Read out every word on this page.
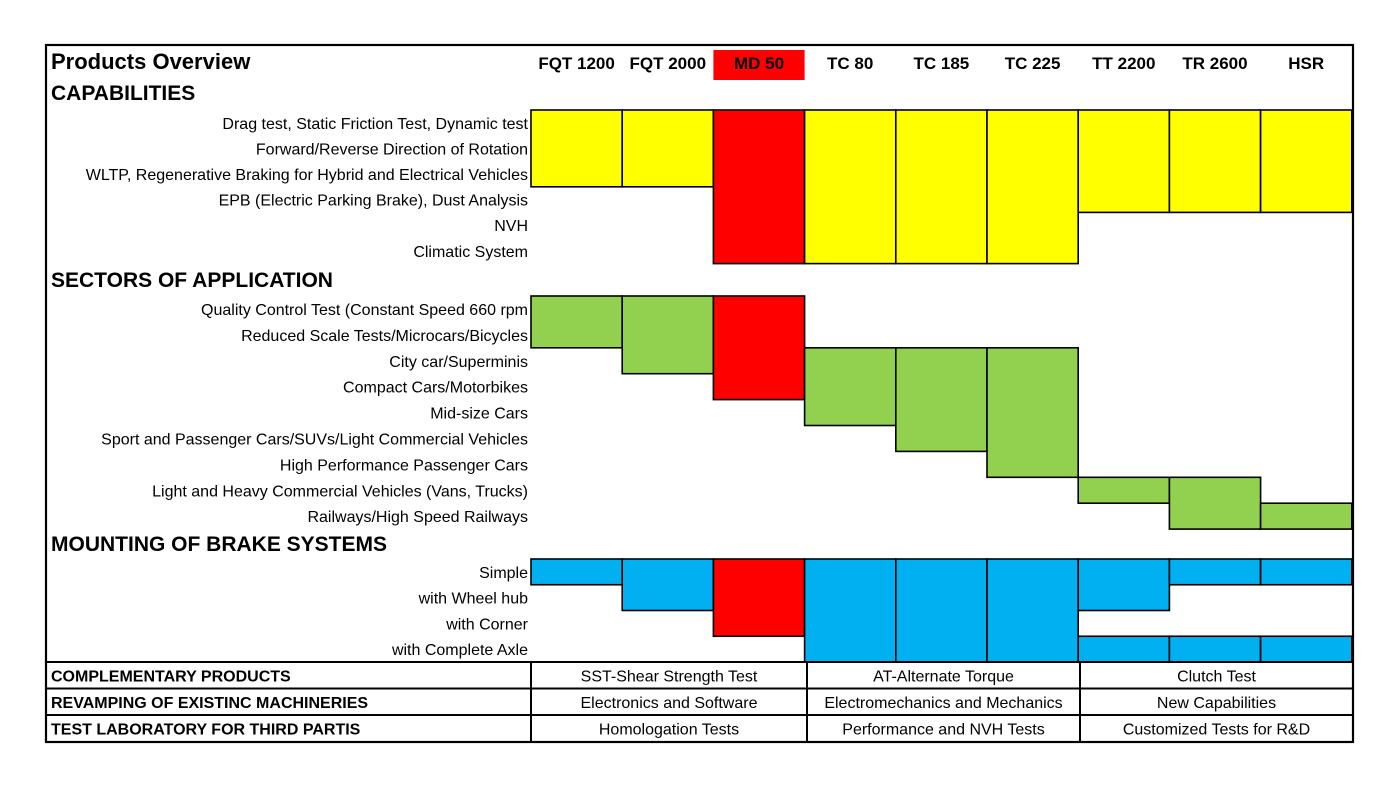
Products Overview	FQT 1200 FQT 2000 MD 50	TC 80 TC 185 TC 225 TT 2200 TR 2600 HSR
CAPABILITIES
Drag test, Static Friction Test, Dynamic test
Forward/Reverse Direction of Rotation
WLTP, Regenerative Braking for Hybrid and Electrical Vehicles
EPB (Electric Parking Brake), Dust Analysis
NVH
Climatic System
SECTORS OF APPLICATION
Quality Control Test (Constant Speed 660 rpm
Reduced Scale Tests/Microcars/Bicycles
City car/Superminis
Compact Cars/Motorbikes
Mid-size Cars
Sport and Passenger Cars/SUVs/Light Commercial Vehicles
High Performance Passenger Cars
Light and Heavy Commercial Vehicles (Vans, Trucks)
Railways/High Speed Railways
MOUNTING OF BRAKE SYSTEMS
Simple
with Wheel hub
with Corner
with Complete Axle
COMPLEMENTARY PRODUCTS	SST-Shear Strength Test	AT-Alternate Torque	Clutch Test
REVAMPING OF EXISTINC MACHINERIES	Electronics and Software	Electromechanics and Mechanics	New Capabilities
TEST LABORATORY FOR THIRD PARTIS	Homologation Tests	Performance and NVH Tests	Customized Tests for R&D
